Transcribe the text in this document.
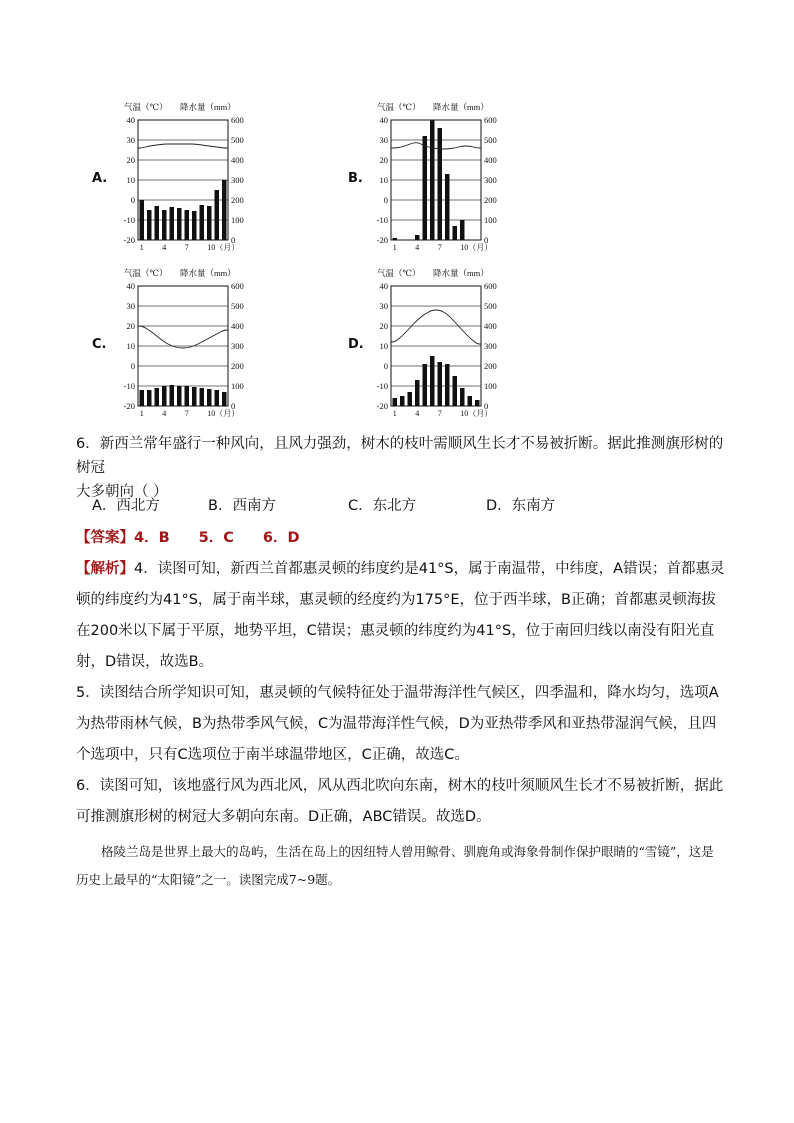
A.
气温（℃） 降水量（mm）
40	600
30	500
20	400
10	300
0	200
-10	100
-20	0
1 4 7 10（月）
B.
气温（℃） 降水量（mm）
40	600
30	500
20	400
10	300
0	200
-10	100
-20	0
1 4 7 10（月）
C.
气温（℃） 降水量（mm）
40	600
30	500
20	400
10	300
0	200
-10	100
-20	0
1 4 7 10（月）
D.
气温（℃） 降水量（mm）
40	600
30	500
20	400
10	300
0	200
-10	100
-20	0
1 4 7 10（月）
6．新西兰常年盛行一种风向，且风力强劲，树木的枝叶需顺风生长才不易被折断。据此推测旗形树的树冠
大多朝向（ ）
A．西北方	B．西南方	C．东北方	D．东南方
【答案】4．B　　5．C　　6．D
【解析】4．读图可知，新西兰首都惠灵顿的纬度约是41°S，属于南温带，中纬度，A错误；首都惠灵顿的纬度约为41°S，属于南半球，惠灵顿的经度约为175°E，位于西半球，B正确；首都惠灵顿海拔在200米以下属于平原，地势平坦，C错误；惠灵顿的纬度约为41°S，位于南回归线以南没有阳光直射，D错误，故选B。
5．读图结合所学知识可知，惠灵顿的气候特征处于温带海洋性气候区，四季温和，降水均匀，选项A为热带雨林气候，B为热带季风气候，C为温带海洋性气候，D为亚热带季风和亚热带湿润气候，且四个选项中，只有C选项位于南半球温带地区，C正确，故选C。
6．读图可知，该地盛行风为西北风，风从西北吹向东南，树木的枝叶须顺风生长才不易被折断，据此可推测旗形树的树冠大多朝向东南。D正确，ABC错误。故选D。
　　格陵兰岛是世界上最大的岛屿，生活在岛上的因纽特人曾用鲸骨、驯鹿角或海象骨制作保护眼睛的“雪镜”，这是历史上最早的“太阳镜”之一。读图完成7~9题。
